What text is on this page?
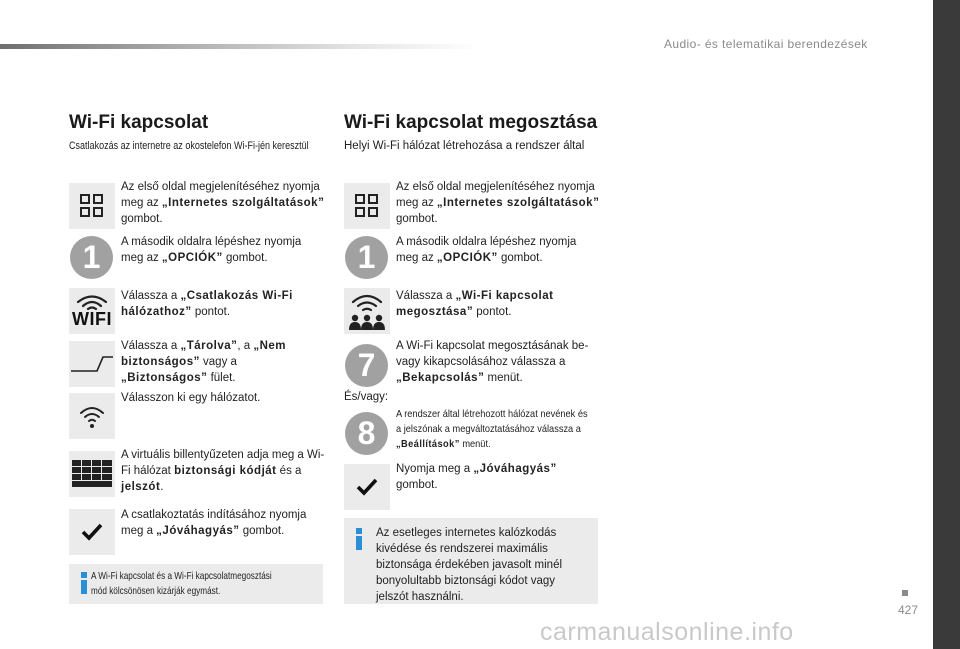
Audio- és telematikai berendezések
427
carmanualsonline.info
Wi-Fi kapcsolat
Csatlakozás az internetre az okostelefon Wi-Fi-jén keresztül
Az első oldal megjelenítéséhez nyomja meg az „Internetes szolgáltatások” gombot.
1	A második oldalra lépéshez nyomja meg az „OPCIÓK” gombot.
WIFI
Válassza a „Csatlakozás Wi-Fi hálózathoz” pontot.
Válassza a „Tárolva”, a „Nem biztonságos” vagy a „Biztonságos” fület.
Válasszon ki egy hálózatot.
A virtuális billentyűzeten adja meg a Wi-Fi hálózat biztonsági kódját és a jelszót.
A csatlakoztatás indításához nyomja meg a „Jóváhagyás” gombot.
A Wi-Fi kapcsolat és a Wi-Fi kapcsolatmegosztási
mód kölcsönösen kizárják egymást.
Wi-Fi kapcsolat megosztása
Helyi Wi-Fi hálózat létrehozása a rendszer által
Az első oldal megjelenítéséhez nyomja meg az „Internetes szolgáltatások” gombot.
1	A második oldalra lépéshez nyomja meg az „OPCIÓK” gombot.
Válassza a „Wi-Fi kapcsolat megosztása” pontot.
7
A Wi-Fi kapcsolat megosztásának be- vagy kikapcsolásához válassza a „Bekapcsolás” menüt.
És/vagy:
8
A rendszer által létrehozott hálózat nevének és a jelszónak a megváltoztatásához válassza a „Beállítások” menüt.
Nyomja meg a „Jóváhagyás” gombot.
Az esetleges internetes kalózkodás kivédése és rendszerei maximális biztonsága érdekében javasolt minél bonyolultabb biztonsági kódot vagy jelszót használni.
